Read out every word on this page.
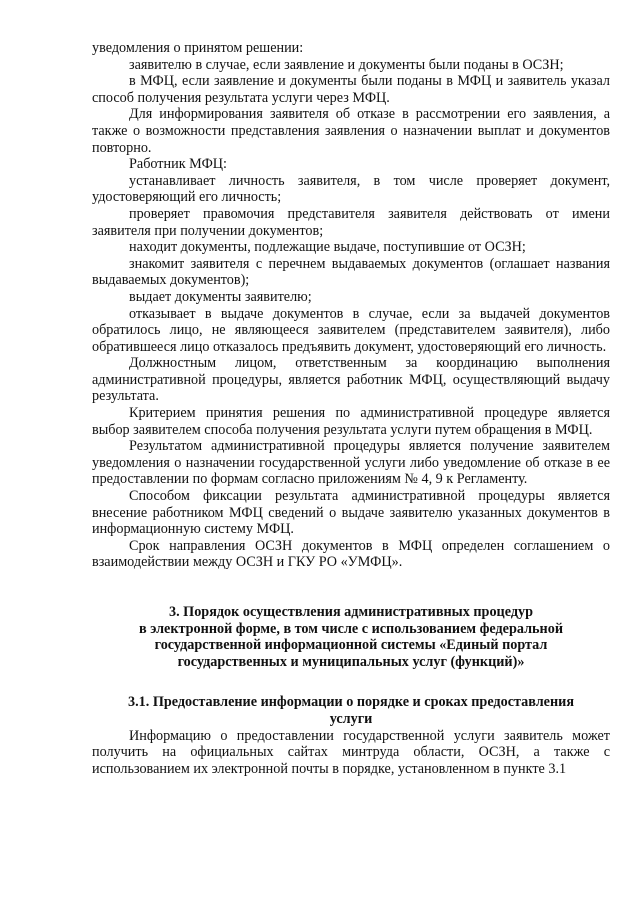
уведомления о принятом решении:

заявителю в случае, если заявление и документы были поданы в ОСЗН;

в МФЦ, если заявление и документы были поданы в МФЦ и заявитель указал способ получения результата услуги через МФЦ.

Для информирования заявителя об отказе в рассмотрении его заявления, а также о возможности представления заявления о назначении выплат и документов повторно.

Работник МФЦ:

устанавливает личность заявителя, в том числе проверяет документ, удостоверяющий его личность;

проверяет правомочия представителя заявителя действовать от имени заявителя при получении документов;

находит документы, подлежащие выдаче, поступившие от ОСЗН;

знакомит заявителя с перечнем выдаваемых документов (оглашает названия выдаваемых документов);

выдает документы заявителю;

отказывает в выдаче документов в случае, если за выдачей документов обратилось лицо, не являющееся заявителем (представителем заявителя), либо обратившееся лицо отказалось предъявить документ, удостоверяющий его личность.

Должностным лицом, ответственным за координацию выполнения административной процедуры, является работник МФЦ, осуществляющий выдачу результата.

Критерием принятия решения по административной процедуре является выбор заявителем способа получения результата услуги путем обращения в МФЦ.

Результатом административной процедуры является получение заявителем уведомления о назначении государственной услуги либо уведомление об отказе в ее предоставлении по формам согласно приложениям № 4, 9 к Регламенту.

Способом фиксации результата административной процедуры является внесение работником МФЦ сведений о выдаче заявителю указанных документов в информационную систему МФЦ.

Срок направления ОСЗН документов в МФЦ определен соглашением о взаимодействии между ОСЗН и ГКУ РО «УМФЦ».

3. Порядок осуществления административных процедур
в электронной форме, в том числе с использованием федеральной
государственной информационной системы «Единый портал
государственных и муниципальных услуг (функций)»
3.1. Предоставление информации о порядке и сроках предоставления
услуги

Информацию о предоставлении государственной услуги заявитель может получить на официальных сайтах минтруда области, ОСЗН, а также с использованием их электронной почты в порядке, установленном в пункте 3.1
